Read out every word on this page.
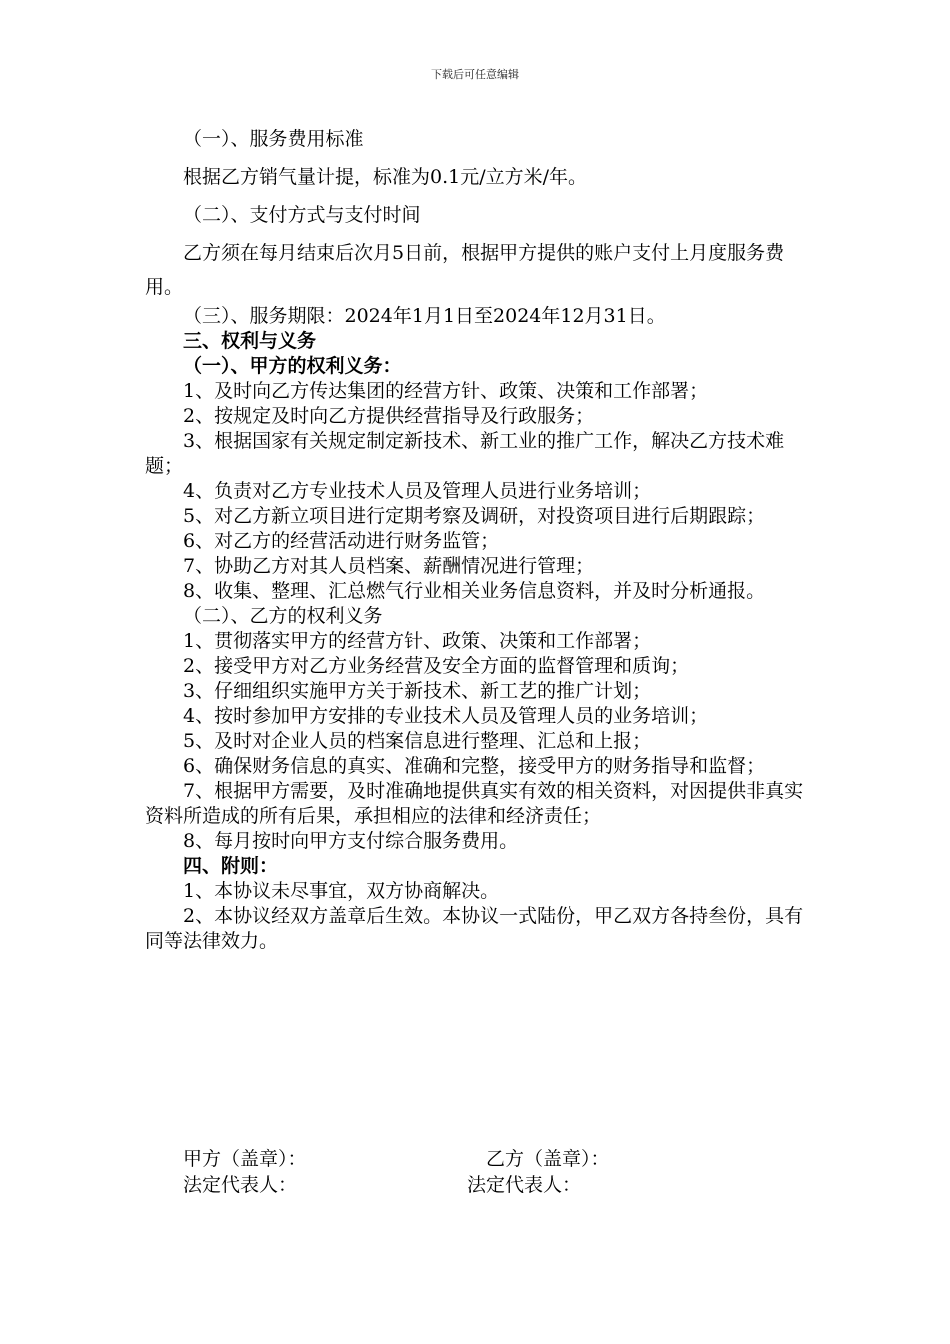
下载后可任意编辑

（一）、服务费用标准

根据乙方销气量计提，标准为0.1元/立方米/年。

（二）、支付方式与支付时间

乙方须在每月结束后次月5日前，根据甲方提供的账户支付上月度服务费用。

（三）、服务期限：2024年1月1日至2024年12月31日。

三、权利与义务

（一）、甲方的权利义务：

1、及时向乙方传达集团的经营方针、政策、决策和工作部署；

2、按规定及时向乙方提供经营指导及行政服务；

3、根据国家有关规定制定新技术、新工业的推广工作，解决乙方技术难题；

4、负责对乙方专业技术人员及管理人员进行业务培训；

5、对乙方新立项目进行定期考察及调研，对投资项目进行后期跟踪；

6、对乙方的经营活动进行财务监管；

7、协助乙方对其人员档案、薪酬情况进行管理；

8、收集、整理、汇总燃气行业相关业务信息资料，并及时分析通报。

（二）、乙方的权利义务

1、贯彻落实甲方的经营方针、政策、决策和工作部署；

2、接受甲方对乙方业务经营及安全方面的监督管理和质询；

3、仔细组织实施甲方关于新技术、新工艺的推广计划；

4、按时参加甲方安排的专业技术人员及管理人员的业务培训；

5、及时对企业人员的档案信息进行整理、汇总和上报；

6、确保财务信息的真实、准确和完整，接受甲方的财务指导和监督；

7、根据甲方需要，及时准确地提供真实有效的相关资料，对因提供非真实资料所造成的所有后果，承担相应的法律和经济责任；

8、每月按时向甲方支付综合服务费用。

四、附则：

1、本协议未尽事宜，双方协商解决。

2、本协议经双方盖章后生效。本协议一式陆份，甲乙双方各持叁份，具有同等法律效力。

甲方（盖章）：	乙方（盖章）：
法定代表人：	法定代表人：
